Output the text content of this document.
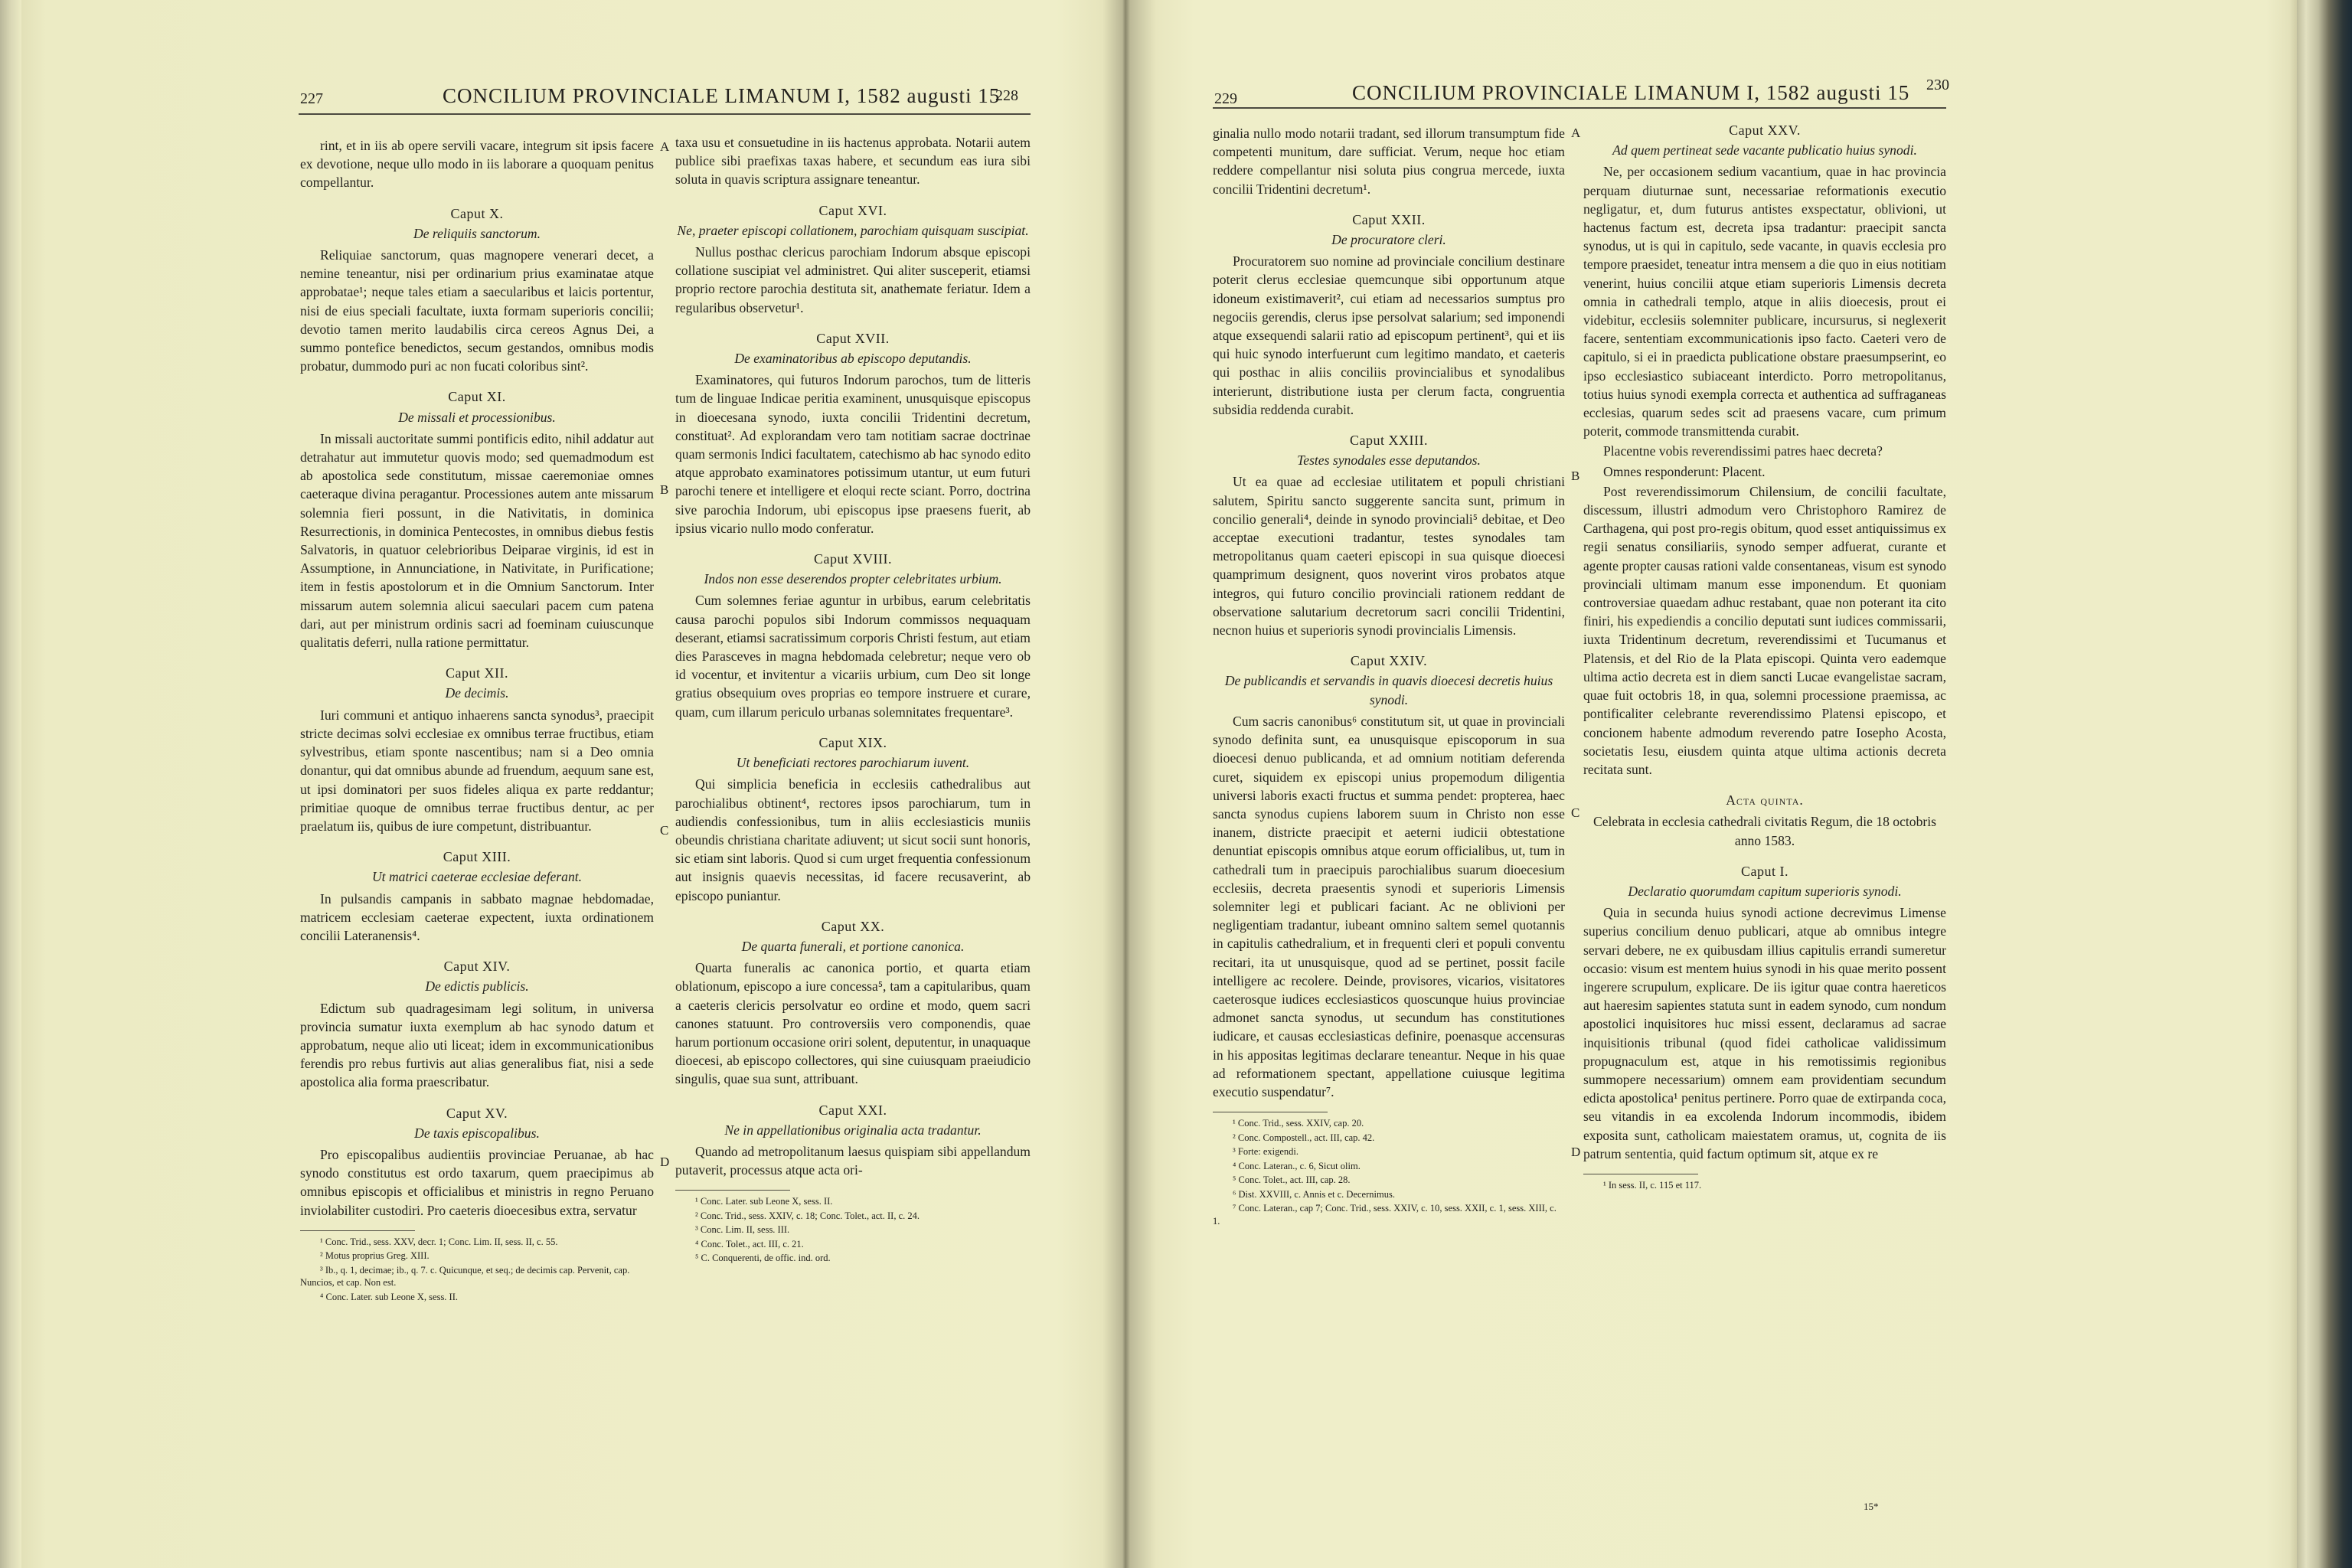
227	CONCILIUM PROVINCIALE LIMANUM I, 1582 augusti 15
228
A
B
C
D

rint, et in iis ab opere servili vacare, integrum sit ipsis facere ex devotione, neque ullo modo in iis laborare a quoquam penitus compellantur.

Caput X.
De reliquiis sanctorum.

Reliquiae sanctorum, quas magnopere venerari decet, a nemine teneantur, nisi per ordinarium prius examinatae atque approbatae¹; neque tales etiam a saecularibus et laicis portentur, nisi de eius speciali facultate, iuxta formam superioris concilii; devotio tamen merito laudabilis circa cereos Agnus Dei, a summo pontefice benedictos, secum gestandos, omnibus modis probatur, dummodo puri ac non fucati coloribus sint².

Caput XI.
De missali et processionibus.

In missali auctoritate summi pontificis edito, nihil addatur aut detrahatur aut immutetur quovis modo; sed quemadmodum est ab apostolica sede constitutum, missae caeremoniae omnes caeteraque divina peragantur. Processiones autem ante missarum solemnia fieri possunt, in die Nativitatis, in dominica Resurrectionis, in dominica Pentecostes, in omnibus diebus festis Salvatoris, in quatuor celebrioribus Deiparae virginis, id est in Assumptione, in Annunciatione, in Nativitate, in Purificatione; item in festis apostolorum et in die Omnium Sanctorum. Inter missarum autem solemnia alicui saeculari pacem cum patena dari, aut per ministrum ordinis sacri ad foeminam cuiuscunque qualitatis deferri, nulla ratione permittatur.

Caput XII.
De decimis.

Iuri communi et antiquo inhaerens sancta synodus³, praecipit stricte decimas solvi ecclesiae ex omnibus terrae fructibus, etiam sylvestribus, etiam sponte nascentibus; nam si a Deo omnia donantur, qui dat omnibus abunde ad fruendum, aequum sane est, ut ipsi dominatori per suos fideles aliqua ex parte reddantur; primitiae quoque de omnibus terrae fructibus dentur, ac per praelatum iis, quibus de iure competunt, distribuantur.

Caput XIII.
Ut matrici caeterae ecclesiae deferant.

In pulsandis campanis in sabbato magnae hebdomadae, matricem ecclesiam caeterae expectent, iuxta ordinationem concilii Lateranensis⁴.

Caput XIV.
De edictis publicis.

Edictum sub quadragesimam legi solitum, in universa provincia sumatur iuxta exemplum ab hac synodo datum et approbatum, neque alio uti liceat; idem in excommunicationibus ferendis pro rebus furtivis aut alias generalibus fiat, nisi a sede apostolica alia forma praescribatur.

Caput XV.
De taxis episcopalibus.

Pro episcopalibus audientiis provinciae Peruanae, ab hac synodo constitutus est ordo taxarum, quem praecipimus ab omnibus episcopis et officialibus et ministris in regno Peruano inviolabiliter custodiri. Pro caeteris dioecesibus extra, servatur

¹ Conc. Trid., sess. XXV, decr. 1; Conc. Lim. II, sess. II, c. 55.

² Motus proprius Greg. XIII.

³ Ib., q. 1, decimae; ib., q. 7. c. Quicunque, et seq.; de decimis cap. Pervenit, cap. Nuncios, et cap. Non est.

⁴ Conc. Later. sub Leone X, sess. II.

taxa usu et consuetudine in iis hactenus approbata. Notarii autem publice sibi praefixas taxas habere, et secundum eas iura sibi soluta in quavis scriptura assignare teneantur.

Caput XVI.
Ne, praeter episcopi collationem, parochiam quisquam suscipiat.

Nullus posthac clericus parochiam Indorum absque episcopi collatione suscipiat vel administret. Qui aliter susceperit, etiamsi proprio rectore parochia destituta sit, anathemate feriatur. Idem a regularibus observetur¹.

Caput XVII.
De examinatoribus ab episcopo deputandis.

Examinatores, qui futuros Indorum parochos, tum de litteris tum de linguae Indicae peritia examinent, unusquisque episcopus in dioecesana synodo, iuxta concilii Tridentini decretum, constituat². Ad explorandam vero tam notitiam sacrae doctrinae quam sermonis Indici facultatem, catechismo ab hac synodo edito atque approbato examinatores potissimum utantur, ut eum futuri parochi tenere et intelligere et eloqui recte sciant. Porro, doctrina sive parochia Indorum, ubi episcopus ipse praesens fuerit, ab ipsius vicario nullo modo conferatur.

Caput XVIII.
Indos non esse deserendos propter celebritates urbium.

Cum solemnes feriae aguntur in urbibus, earum celebritatis causa parochi populos sibi Indorum commissos nequaquam deserant, etiamsi sacratissimum corporis Christi festum, aut etiam dies Parasceves in magna hebdomada celebretur; neque vero ob id vocentur, et invitentur a vicariis urbium, cum Deo sit longe gratius obsequium oves proprias eo tempore instruere et curare, quam, cum illarum periculo urbanas solemnitates frequentare³.

Caput XIX.
Ut beneficiati rectores parochiarum iuvent.

Qui simplicia beneficia in ecclesiis cathedralibus aut parochialibus obtinent⁴, rectores ipsos parochiarum, tum in audiendis confessionibus, tum in aliis ecclesiasticis muniis obeundis christiana charitate adiuvent; ut sicut socii sunt honoris, sic etiam sint laboris. Quod si cum urget frequentia confessionum aut insignis quaevis necessitas, id facere recusaverint, ab episcopo puniantur.

Caput XX.
De quarta funerali, et portione canonica.

Quarta funeralis ac canonica portio, et quarta etiam oblationum, episcopo a iure concessa⁵, tam a capitularibus, quam a caeteris clericis persolvatur eo ordine et modo, quem sacri canones statuunt. Pro controversiis vero componendis, quae harum portionum occasione oriri solent, deputentur, in unaquaque dioecesi, ab episcopo collectores, qui sine cuiusquam praeiudicio singulis, quae sua sunt, attribuant.

Caput XXI.
Ne in appellationibus originalia acta tradantur.

Quando ad metropolitanum laesus quispiam sibi appellandum putaverit, processus atque acta ori-

¹ Conc. Later. sub Leone X, sess. II.

² Conc. Trid., sess. XXIV, c. 18; Conc. Tolet., act. II, c. 24.

³ Conc. Lim. II, sess. III.

⁴ Conc. Tolet., act. III, c. 21.

⁵ C. Conquerenti, de offic. ind. ord.

229	CONCILIUM PROVINCIALE LIMANUM I, 1582 augusti 15 230
A
B
C
D

ginalia nullo modo notarii tradant, sed illorum transumptum fide competenti munitum, dare sufficiat. Verum, neque hoc etiam reddere compellantur nisi soluta pius congrua mercede, iuxta concilii Tridentini decretum¹.

Caput XXII.
De procuratore cleri.

Procuratorem suo nomine ad provinciale concilium destinare poterit clerus ecclesiae quemcunque sibi opportunum atque idoneum existimaverit², cui etiam ad necessarios sumptus pro negociis gerendis, clerus ipse persolvat salarium; sed imponendi atque exsequendi salarii ratio ad episcopum pertinent³, qui et iis qui huic synodo interfuerunt cum legitimo mandato, et caeteris qui posthac in aliis conciliis provincialibus et synodalibus interierunt, distributione iusta per clerum facta, congruentia subsidia reddenda curabit.

Caput XXIII.
Testes synodales esse deputandos.

Ut ea quae ad ecclesiae utilitatem et populi christiani salutem, Spiritu sancto suggerente sancita sunt, primum in concilio generali⁴, deinde in synodo provinciali⁵ debitae, et Deo acceptae executioni tradantur, testes synodales tam metropolitanus quam caeteri episcopi in sua quisque dioecesi quamprimum designent, quos noverint viros probatos atque integros, qui futuro concilio provinciali rationem reddant de observatione salutarium decretorum sacri concilii Tridentini, necnon huius et superioris synodi provincialis Limensis.

Caput XXIV.
De publicandis et servandis in quavis dioecesi decretis huius synodi.

Cum sacris canonibus⁶ constitutum sit, ut quae in provinciali synodo definita sunt, ea unusquisque episcoporum in sua dioecesi denuo publicanda, et ad omnium notitiam deferenda curet, siquidem ex episcopi unius propemodum diligentia universi laboris exacti fructus et summa pendet: propterea, haec sancta synodus cupiens laborem suum in Christo non esse inanem, districte praecipit et aeterni iudicii obtestatione denuntiat episcopis omnibus atque eorum officialibus, ut, tum in cathedrali tum in praecipuis parochialibus suarum dioecesium ecclesiis, decreta praesentis synodi et superioris Limensis solemniter legi et publicari faciant. Ac ne oblivioni per negligentiam tradantur, iubeant omnino saltem semel quotannis in capitulis cathedralium, et in frequenti cleri et populi conventu recitari, ita ut unusquisque, quod ad se pertinet, possit facile intelligere ac recolere. Deinde, provisores, vicarios, visitatores caeterosque iudices ecclesiasticos quoscunque huius provinciae admonet sancta synodus, ut secundum has constitutiones iudicare, et causas ecclesiasticas definire, poenasque accensuras in his appositas legitimas declarare teneantur. Neque in his quae ad reformationem spectant, appellatione cuiusque legitima executio suspendatur⁷.

¹ Conc. Trid., sess. XXIV, cap. 20.

² Conc. Compostell., act. III, cap. 42.

³ Forte: exigendi.

⁴ Conc. Lateran., c. 6, Sicut olim.

⁵ Conc. Tolet., act. III, cap. 28.

⁶ Dist. XXVIII, c. Annis et c. Decernimus.

⁷ Conc. Lateran., cap 7; Conc. Trid., sess. XXIV, c. 10, sess. XXII, c. 1, sess. XIII, c. 1.

Caput XXV.
Ad quem pertineat sede vacante publicatio huius synodi.

Ne, per occasionem sedium vacantium, quae in hac provincia perquam diuturnae sunt, necessariae reformationis executio negligatur, et, dum futurus antistes exspectatur, oblivioni, ut hactenus factum est, decreta ipsa tradantur: praecipit sancta synodus, ut is qui in capitulo, sede vacante, in quavis ecclesia pro tempore praesidet, teneatur intra mensem a die quo in eius notitiam venerint, huius concilii atque etiam superioris Limensis decreta omnia in cathedrali templo, atque in aliis dioecesis, prout ei videbitur, ecclesiis solemniter publicare, incursurus, si neglexerit facere, sententiam excommunicationis ipso facto. Caeteri vero de capitulo, si ei in praedicta publicatione obstare praesumpserint, eo ipso ecclesiastico subiaceant interdicto. Porro metropolitanus, totius huius synodi exempla correcta et authentica ad suffraganeas ecclesias, quarum sedes scit ad praesens vacare, cum primum poterit, commode transmittenda curabit.

Placentne vobis reverendissimi patres haec decreta?

Omnes responderunt: Placent.

Post reverendissimorum Chilensium, de concilii facultate, discessum, illustri admodum vero Christophoro Ramirez de Carthagena, qui post pro-regis obitum, quod esset antiquissimus ex regii senatus consiliariis, synodo semper adfuerat, curante et agente propter causas rationi valde consentaneas, visum est synodo provinciali ultimam manum esse imponendum. Et quoniam controversiae quaedam adhuc restabant, quae non poterant ita cito finiri, his expediendis a concilio deputati sunt iudices commissarii, iuxta Tridentinum decretum, reverendissimi et Tucumanus et Platensis, et del Rio de la Plata episcopi. Quinta vero eademque ultima actio decreta est in diem sancti Lucae evangelistae sacram, quae fuit octobris 18, in qua, solemni processione praemissa, ac pontificaliter celebrante reverendissimo Platensi episcopo, et concionem habente admodum reverendo patre Iosepho Acosta, societatis Iesu, eiusdem quinta atque ultima actionis decreta recitata sunt.

Acta quinta.
Celebrata in ecclesia cathedrali civitatis Regum, die 18 octobris anno 1583.
Caput I.
Declaratio quorumdam capitum superioris synodi.

Quia in secunda huius synodi actione decrevimus Limense superius concilium denuo publicari, atque ab omnibus integre servari debere, ne ex quibusdam illius capitulis errandi sumeretur occasio: visum est mentem huius synodi in his quae merito possent ingerere scrupulum, explicare. De iis igitur quae contra haereticos aut haeresim sapientes statuta sunt in eadem synodo, cum nondum apostolici inquisitores huc missi essent, declaramus ad sacrae inquisitionis tribunal (quod fidei catholicae validissimum propugnaculum est, atque in his remotissimis regionibus summopere necessarium) omnem eam providentiam secundum edicta apostolica¹ penitus pertinere. Porro quae de extirpanda coca, seu vitandis in ea excolenda Indorum incommodis, ibidem exposita sunt, catholicam maiestatem oramus, ut, cognita de iis patrum sententia, quid factum optimum sit, atque ex re

¹ In sess. II, c. 115 et 117.

15*
